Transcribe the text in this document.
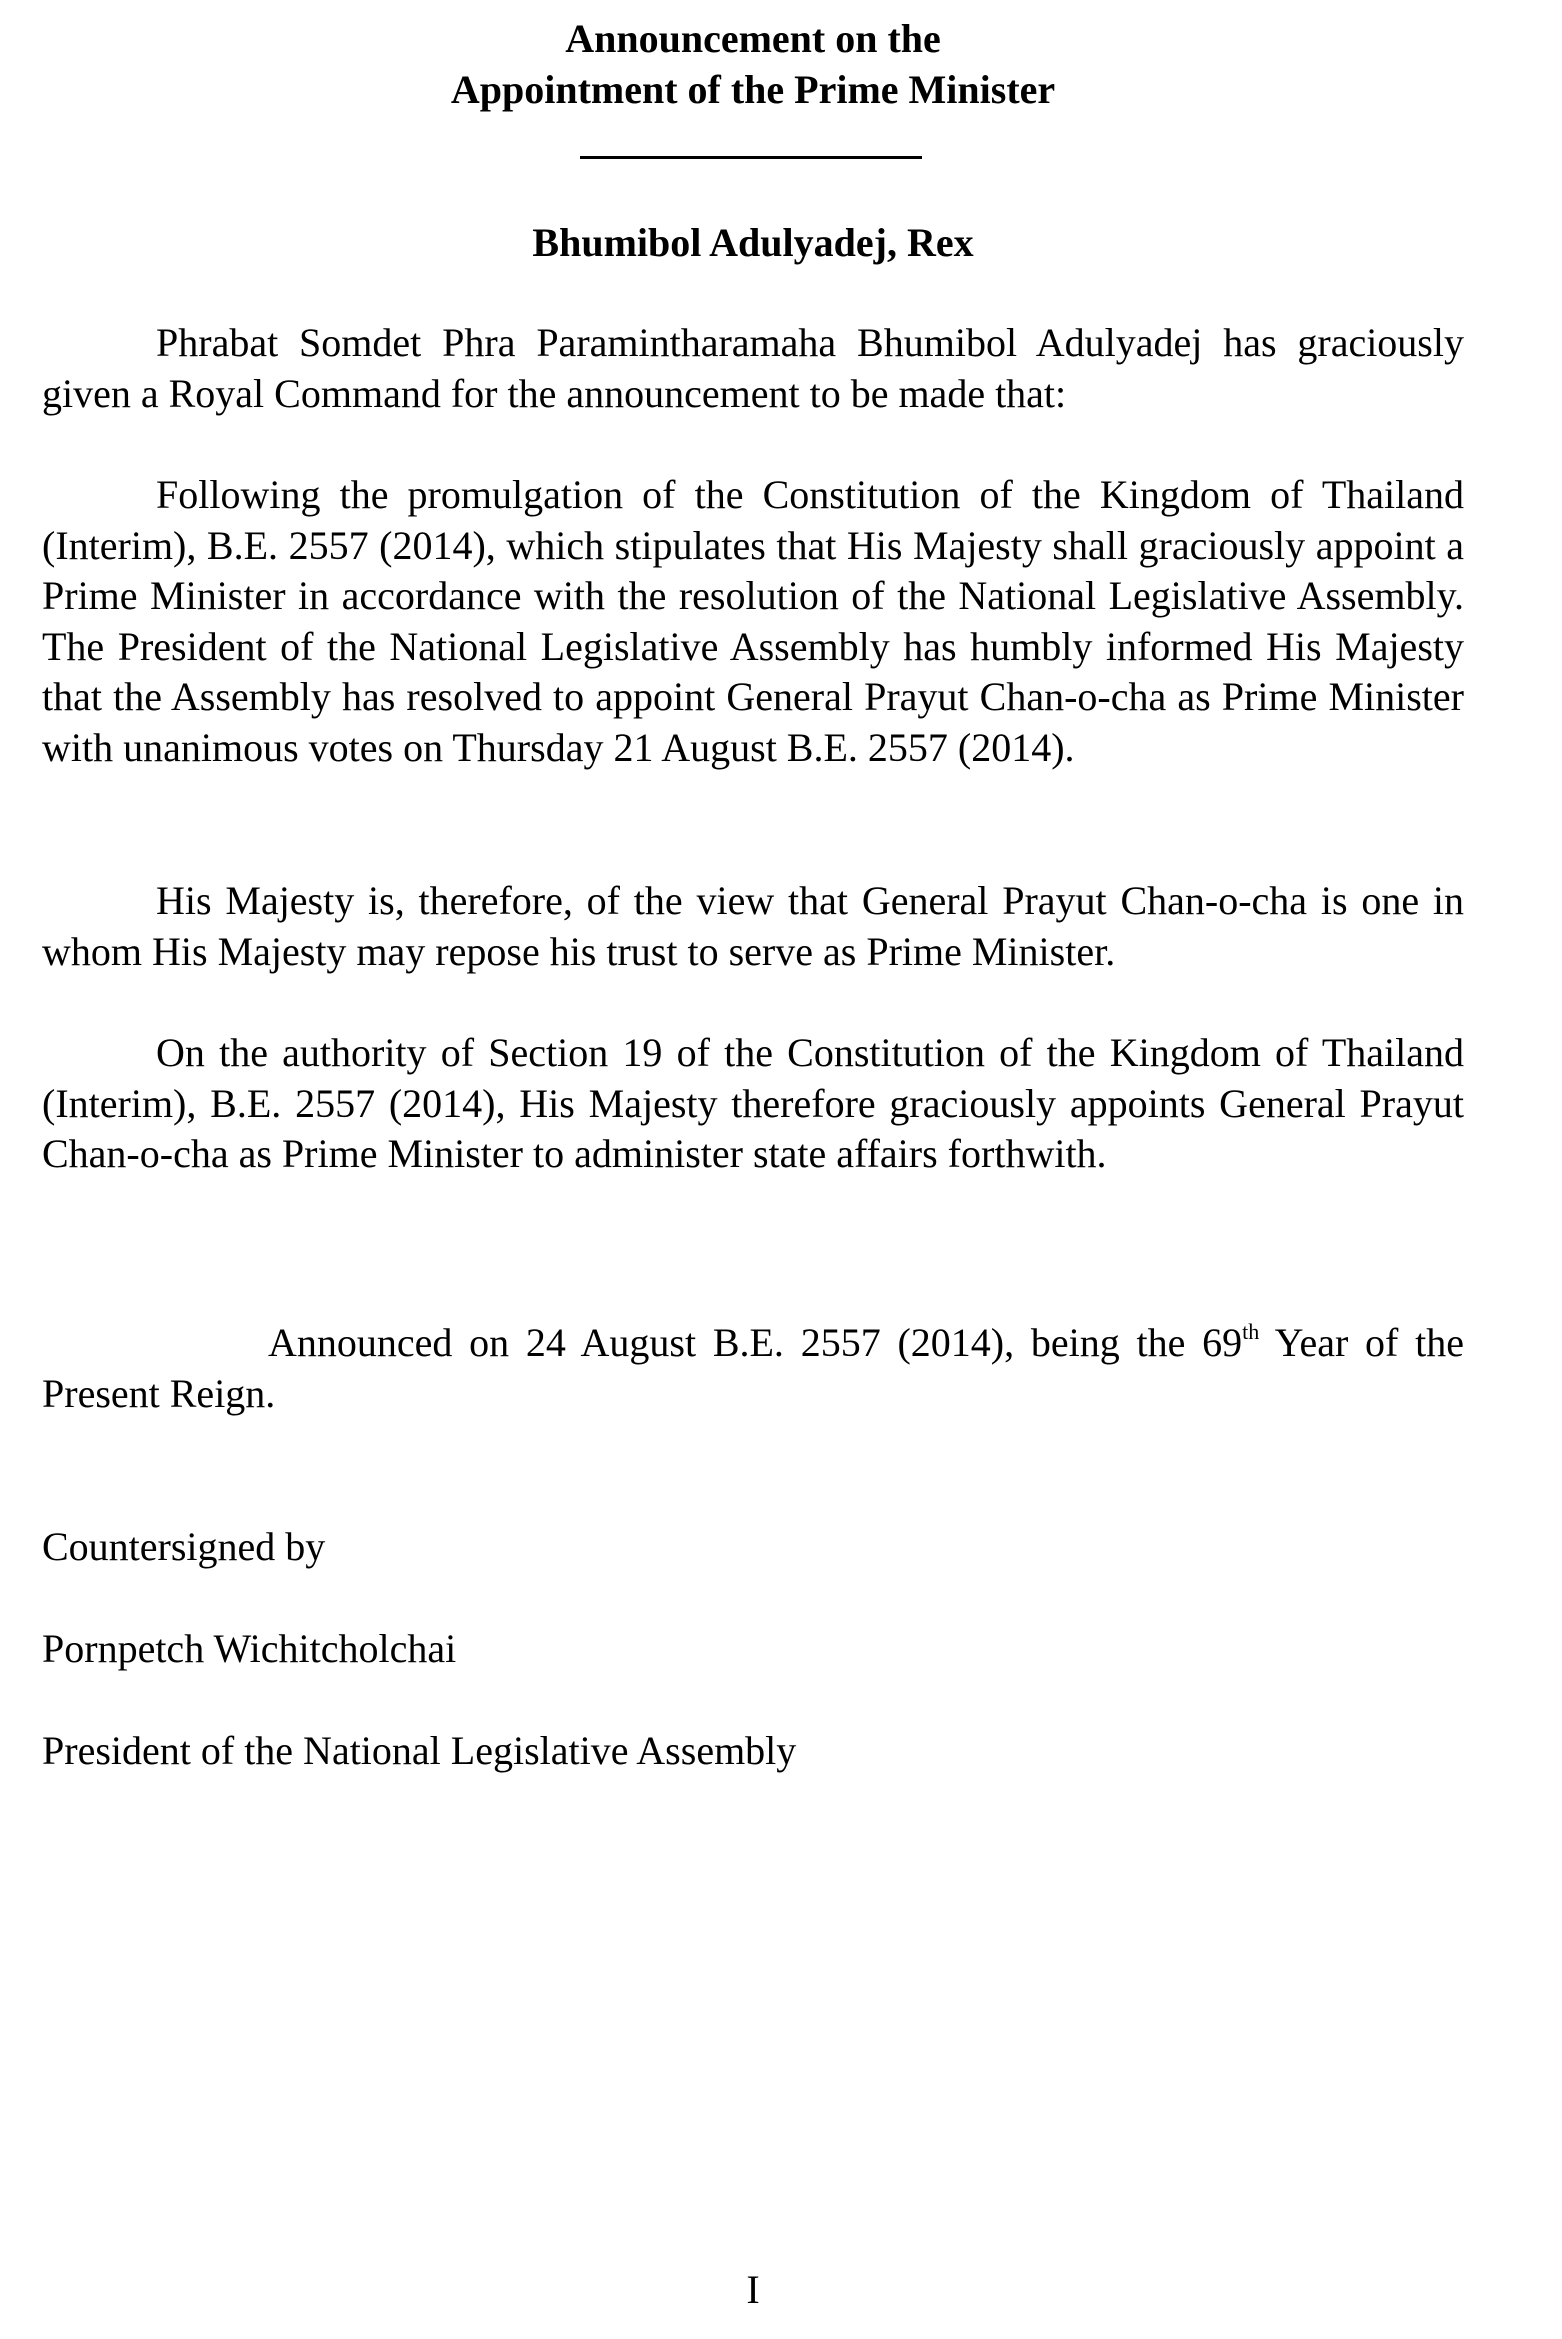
Announcement on the
Appointment of the Prime Minister
Bhumibol Adulyadej, Rex

Phrabat Somdet Phra Paramintharamaha Bhumibol Adulyadej has graciously given a Royal Command for the announcement to be made that:

Following the promulgation of the Constitution of the Kingdom of Thailand (Interim), B.E. 2557 (2014), which stipulates that His Majesty shall graciously appoint a Prime Minister in accordance with the resolution of the National Legislative Assembly. The President of the National Legislative Assembly has humbly informed His Majesty that the Assembly has resolved to appoint General Prayut Chan-o-cha as Prime Minister with unanimous votes on Thursday 21 August B.E. 2557 (2014).

His Majesty is, therefore, of the view that General Prayut Chan-o-cha is one in whom His Majesty may repose his trust to serve as Prime Minister.

On the authority of Section 19 of the Constitution of the Kingdom of Thailand (Interim), B.E. 2557 (2014), His Majesty therefore graciously appoints General Prayut Chan-o-cha as Prime Minister to administer state affairs forthwith.

Announced on 24 August B.E. 2557 (2014), being the 69th Year of the Present Reign.

Countersigned by
Pornpetch Wichitcholchai
President of the National Legislative Assembly
I
